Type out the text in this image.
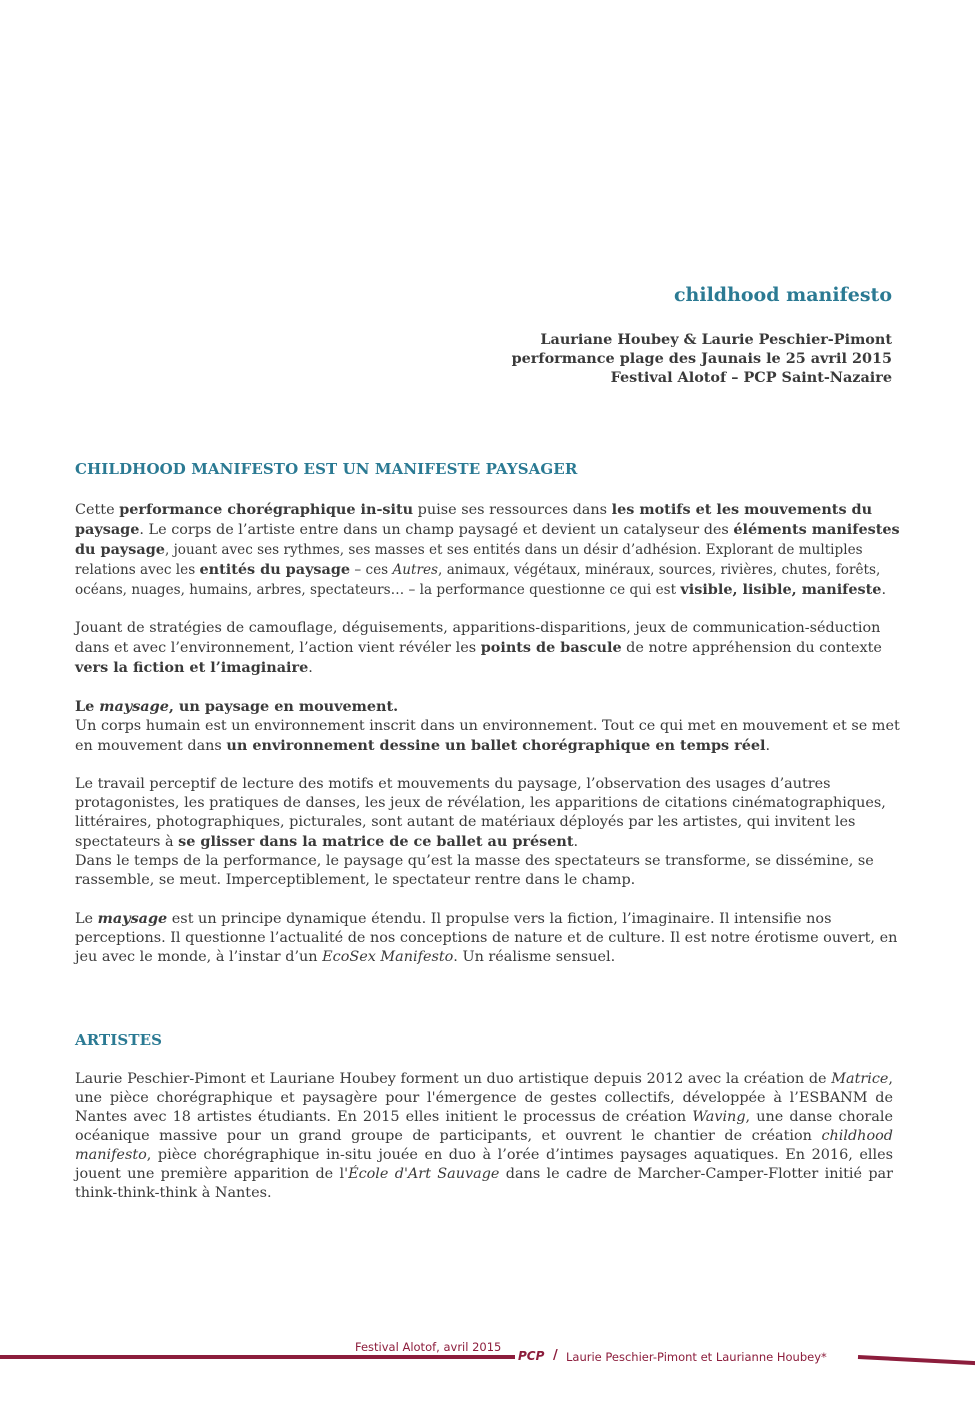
childhood manifesto
Lauriane Houbey & Laurie Peschier-Pimont
performance plage des Jaunais le 25 avril 2015
Festival Alotof – PCP Saint-Nazaire
CHILDHOOD MANIFESTO EST UN MANIFESTE PAYSAGER

Cette performance chorégraphique in-situ puise ses ressources dans les motifs et les mouvements du paysage. Le corps de l’artiste entre dans un champ paysagé et devient un catalyseur des éléments manifestes du paysage, jouant avec ses rythmes, ses masses et ses entités dans un désir d’adhésion. Explorant de multiples relations avec les entités du paysage – ces Autres, animaux, végétaux, minéraux, sources, rivières, chutes, forêts, océans, nuages, humains, arbres, spectateurs… – la performance questionne ce qui est visible, lisible, manifeste.

Jouant de stratégies de camouflage, déguisements, apparitions-disparitions, jeux de communication-séduction dans et avec l’environnement, l’action vient révéler les points de bascule de notre appréhension du contexte vers la fiction et l’imaginaire.

Le maysage, un paysage en mouvement.

Un corps humain est un environnement inscrit dans un environnement. Tout ce qui met en mouvement et se met en mouvement dans un environnement dessine un ballet chorégraphique en temps réel.

Le travail perceptif de lecture des motifs et mouvements du paysage, l’observation des usages d’autres protagonistes, les pratiques de danses, les jeux de révélation, les apparitions de citations cinématographiques, littéraires, photographiques, picturales, sont autant de matériaux déployés par les artistes, qui invitent les spectateurs à se glisser dans la matrice de ce ballet au présent.

Dans le temps de la performance, le paysage qu’est la masse des spectateurs se transforme, se dissémine, se rassemble, se meut. Imperceptiblement, le spectateur rentre dans le champ.

Le maysage est un principe dynamique étendu. Il propulse vers la fiction, l’imaginaire. Il intensifie nos perceptions. Il questionne l’actualité de nos conceptions de nature et de culture. Il est notre érotisme ouvert, en jeu avec le monde, à l’instar d’un EcoSex Manifesto. Un réalisme sensuel.

ARTISTES

Laurie Peschier-Pimont et Lauriane Houbey forment un duo artistique depuis 2012 avec la création de Matrice, une pièce chorégraphique et paysagère pour l'émergence de gestes collectifs, développée à l’ESBANM de Nantes avec 18 artistes étudiants. En 2015 elles initient le processus de création Waving, une danse chorale océanique massive pour un grand groupe de participants, et ouvrent le chantier de création childhood manifesto, pièce chorégraphique in-situ jouée en duo à l’orée d’intimes paysages aquatiques. En 2016, elles jouent une première apparition de l'École d'Art Sauvage dans le cadre de Marcher-Camper-Flotter initié par think-think-think à Nantes.

Festival Alotof, avril 2015
PCP / Laurie Peschier-Pimont et Laurianne Houbey*
